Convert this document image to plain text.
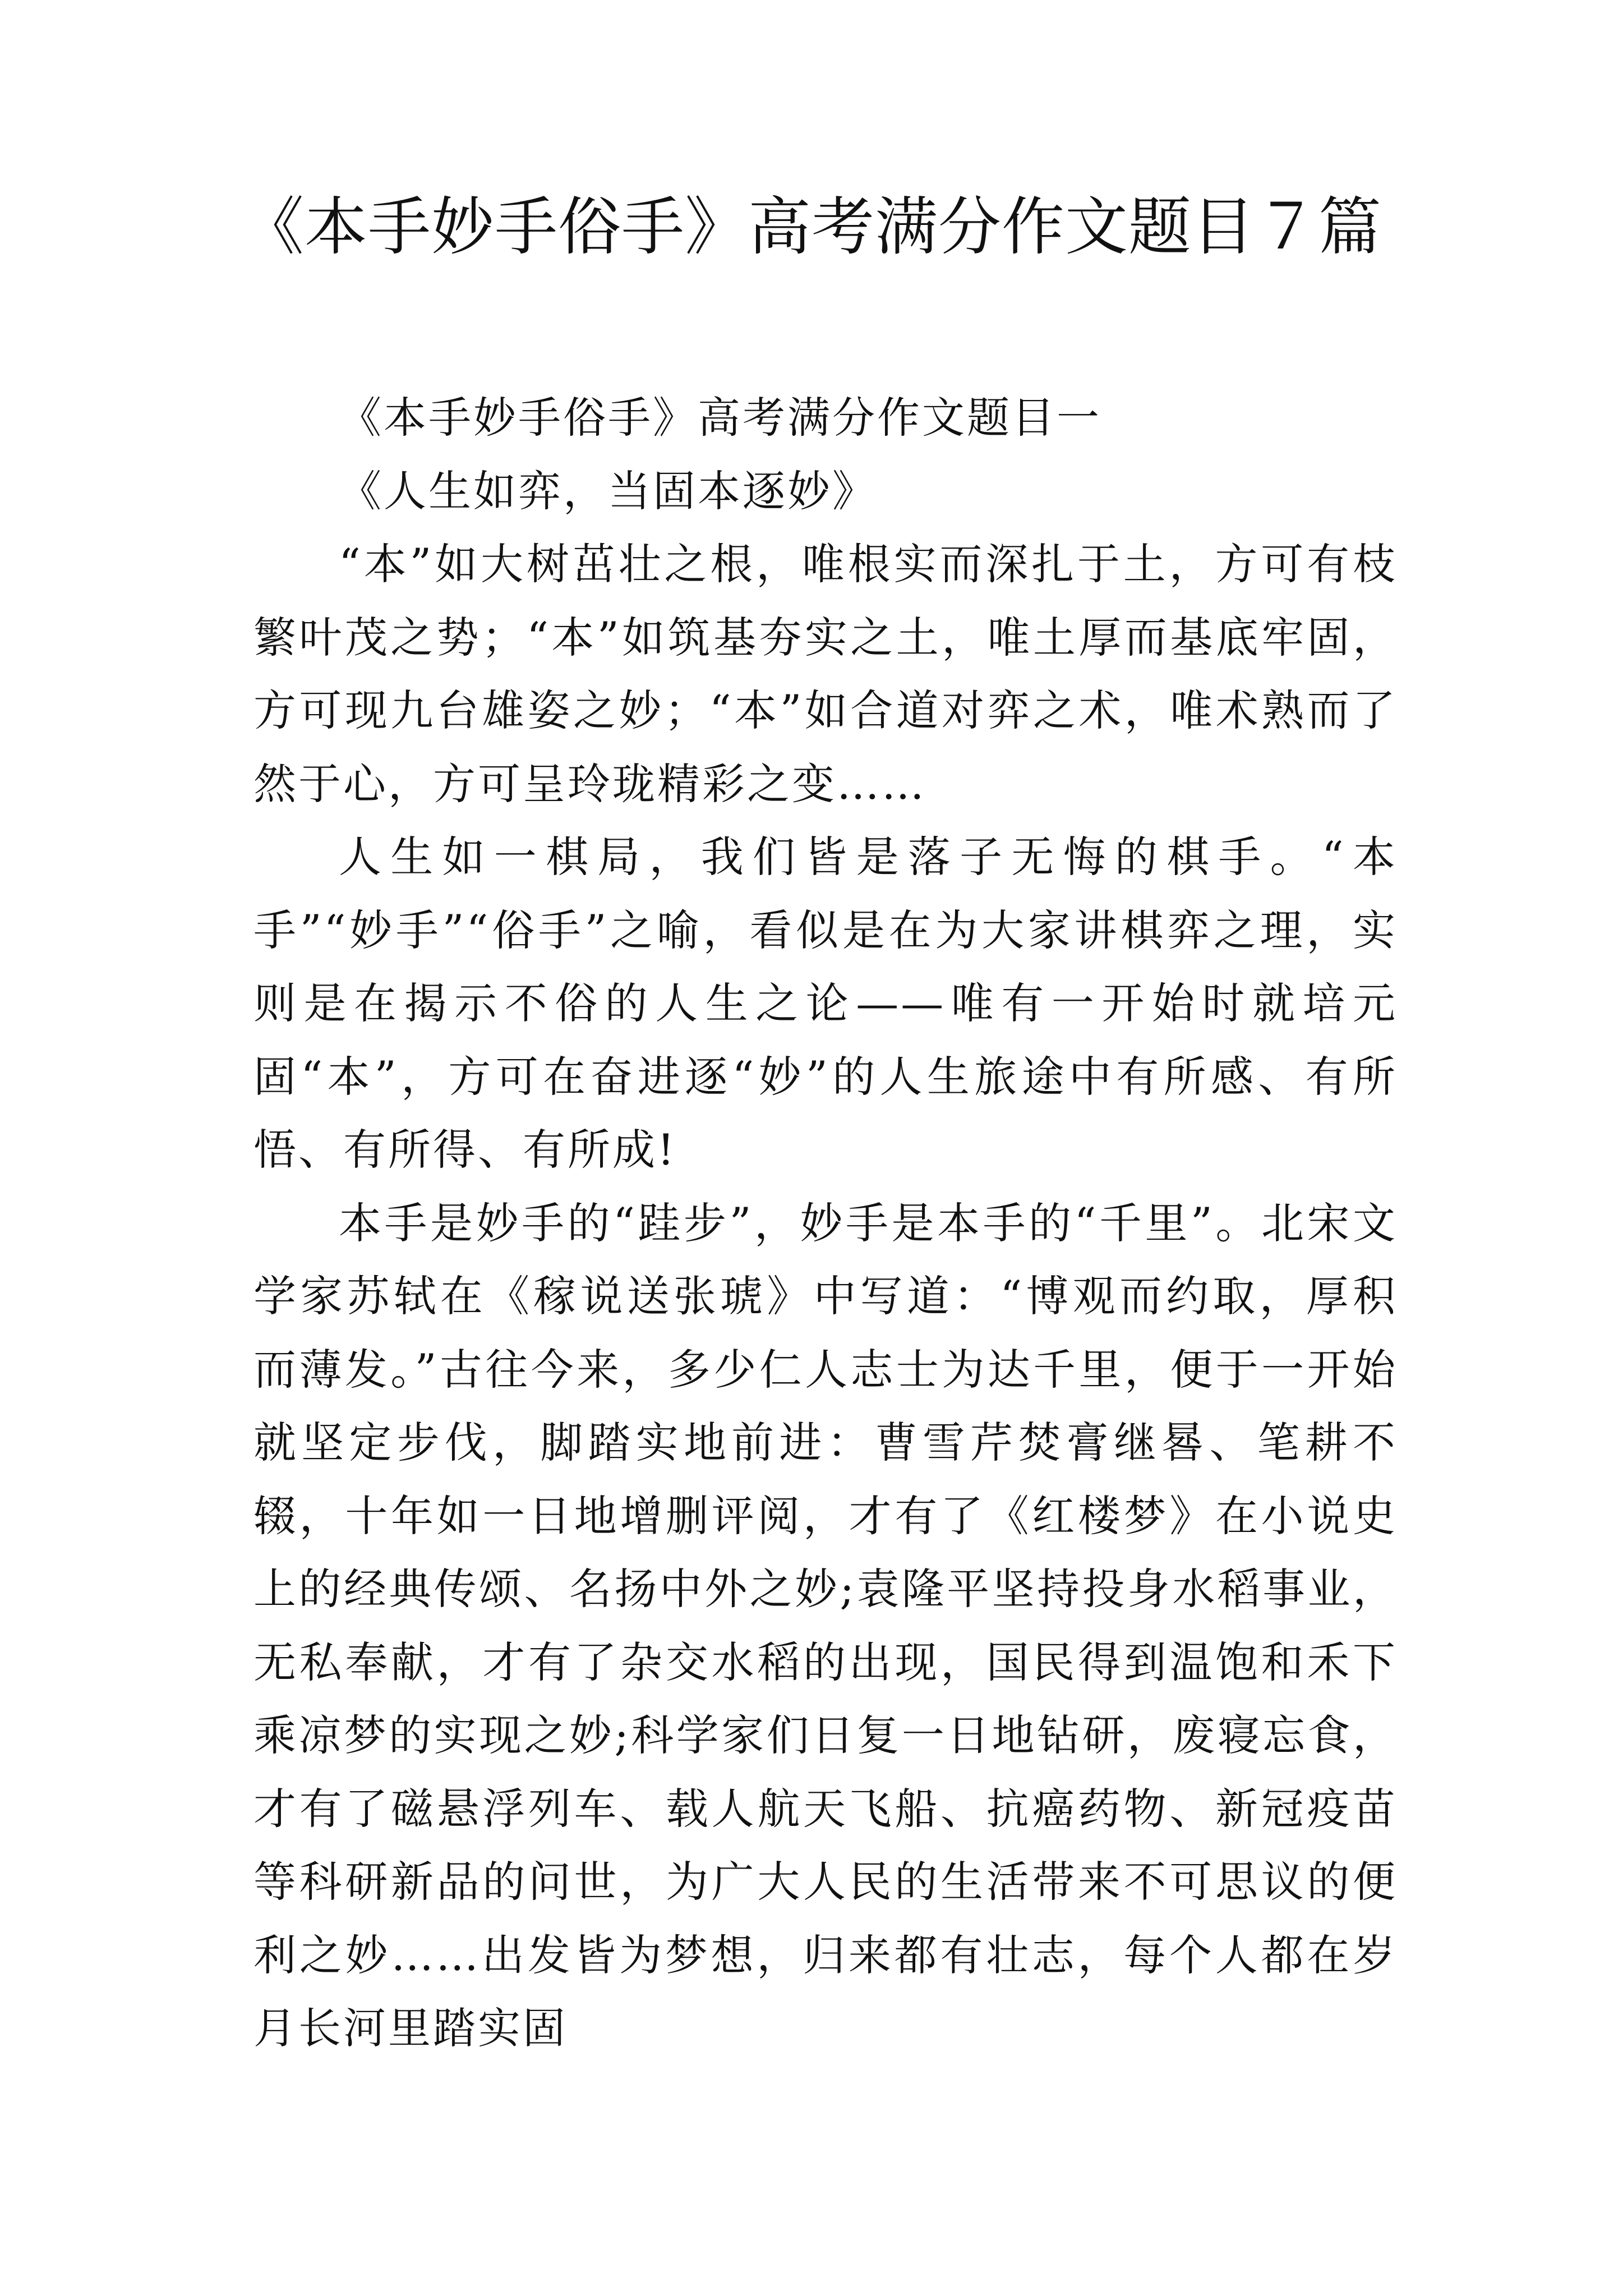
《本手妙手俗手》高考满分作文题目７篇

《本手妙手俗手》高考满分作文题目一

《人生如弈，当固本逐妙》

“本”如大树茁壮之根，唯根实而深扎于土，方可有枝繁叶茂之势；“本”如筑基夯实之土，唯土厚而基底牢固，方可现九台雄姿之妙；“本”如合道对弈之术，唯术熟而了然于心，方可呈玲珑精彩之变……

人生如一棋局，我们皆是落子无悔的棋手。“本手”“妙手”“俗手”之喻，看似是在为大家讲棋弈之理，实则是在揭示不俗的人生之论——唯有一开始时就培元固“本”，方可在奋进逐“妙”的人生旅途中有所感、有所悟、有所得、有所成!

本手是妙手的“跬步”，妙手是本手的“千里”。北宋文学家苏轼在《稼说送张琥》中写道：“博观而约取，厚积而薄发。”古往今来，多少仁人志士为达千里，便于一开始就坚定步伐，脚踏实地前进：曹雪芹焚膏继晷、笔耕不辍，十年如一日地增删评阅，才有了《红楼梦》在小说史上的经典传颂、名扬中外之妙;袁隆平坚持投身水稻事业，无私奉献，才有了杂交水稻的出现，国民得到温饱和禾下乘凉梦的实现之妙;科学家们日复一日地钻研，废寝忘食，才有了磁悬浮列车、载人航天飞船、抗癌药物、新冠疫苗等科研新品的问世，为广大人民的生活带来不可思议的便利之妙……出发皆为梦想，归来都有壮志，每个人都在岁月长河里踏实固
